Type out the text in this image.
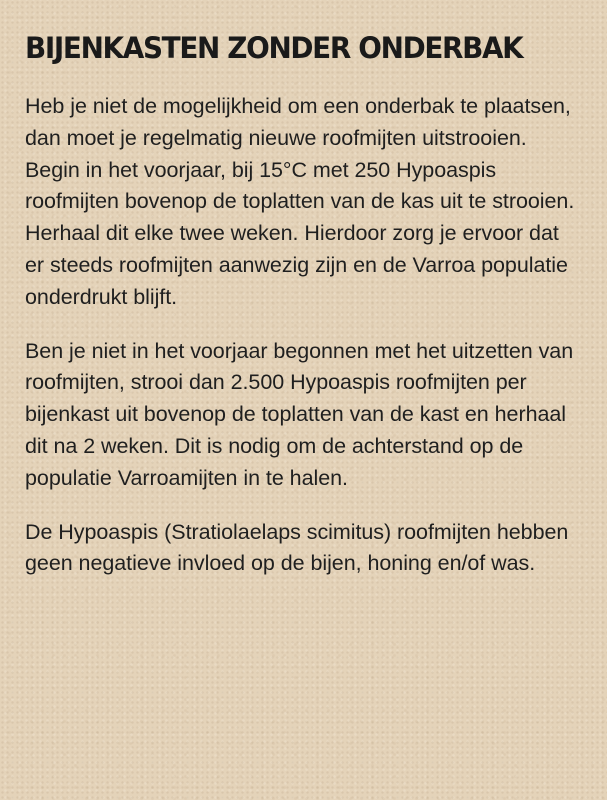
BIJENKASTEN ZONDER ONDERBAK

Heb je niet de mogelijkheid om een onderbak te plaatsen, dan moet je regelmatig nieuwe roofmijten uitstrooien. Begin in het voorjaar, bij 15°C met 250 Hypoaspis roofmijten bovenop de toplatten van de kas uit te strooien. Herhaal dit elke twee weken. Hierdoor zorg je ervoor dat er steeds roofmijten aanwezig zijn en de Varroa populatie onderdrukt blijft.

Ben je niet in het voorjaar begonnen met het uitzetten van roofmijten, strooi dan 2.500 Hypoaspis roofmijten per bijenkast uit bovenop de toplatten van de kast en herhaal dit na 2 weken. Dit is nodig om de achterstand op de populatie Varroamijten in te halen.

De Hypoaspis (Stratiolaelaps scimitus) roofmijten hebben geen negatieve invloed op de bijen, honing en/of was.
